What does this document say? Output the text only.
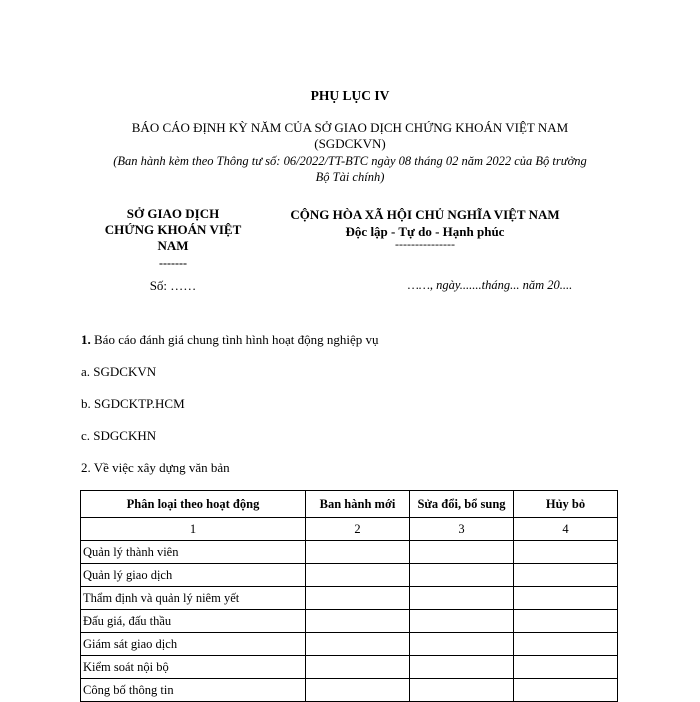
PHỤ LỤC IV
BÁO CÁO ĐỊNH KỲ NĂM CỦA SỞ GIAO DỊCH CHỨNG KHOÁN VIỆT NAM
(SGDCKVN)
(Ban hành kèm theo Thông tư số: 06/2022/TT-BTC ngày 08 tháng 02 năm 2022 của Bộ trưởng
Bộ Tài chính)
SỞ GIAO DỊCH
CHỨNG KHOÁN VIỆT
NAM
-------
CỘNG HÒA XÃ HỘI CHỦ NGHĨA VIỆT NAM
Độc lập - Tự do - Hạnh phúc
---------------
Số: ……	……, ngày.......tháng... năm 20....
1. Báo cáo đánh giá chung tình hình hoạt động nghiệp vụ
a. SGDCKVN
b. SGDCKTP.HCM
c. SDGCKHN
2. Về việc xây dựng văn bản
Phân loại theo hoạt động	Ban hành mới	Sửa đổi, bổ sung	Hủy bỏ
1	2	3	4
Quản lý thành viên			
Quản lý giao dịch			
Thẩm định và quản lý niêm yết			
Đấu giá, đấu thầu			
Giám sát giao dịch			
Kiểm soát nội bộ			
Công bố thông tin			
